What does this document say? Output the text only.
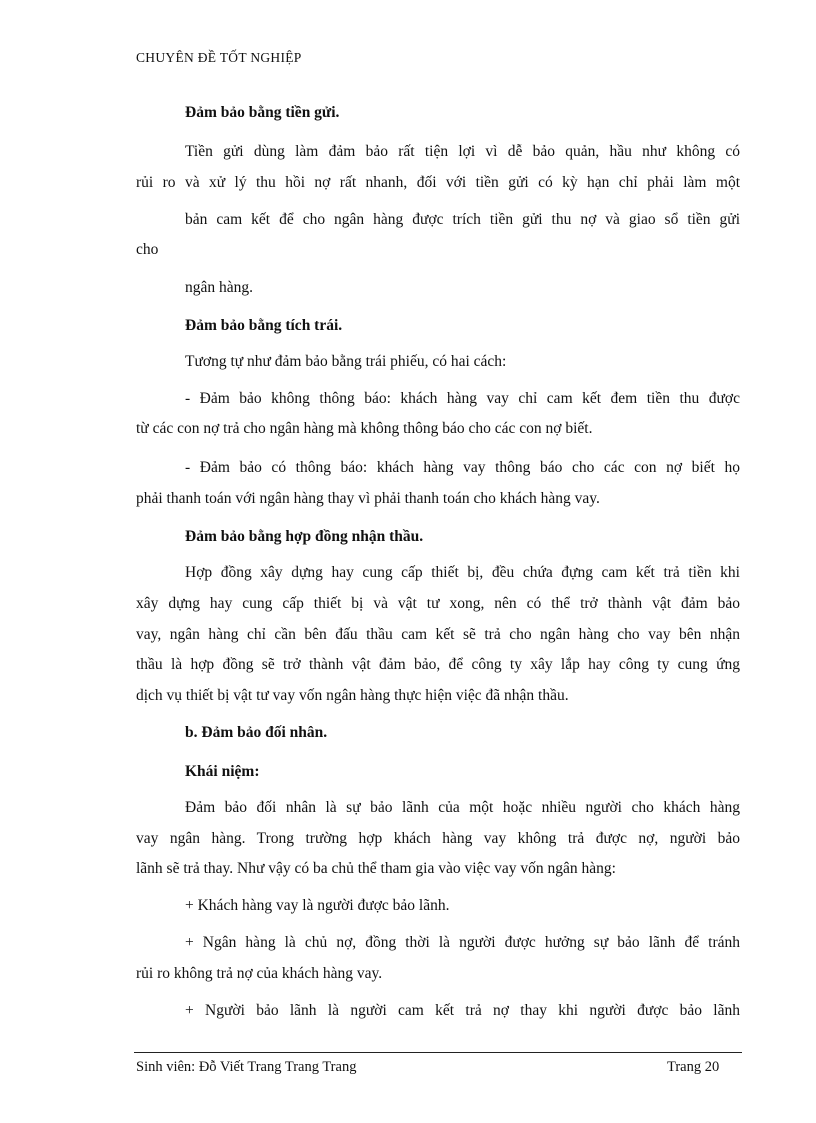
CHUYÊN ĐỀ TỐT NGHIỆP
Đảm bảo bằng tiền gửi.
Tiền gửi dùng làm đảm bảo rất tiện lợi vì dễ bảo quản, hầu như không có
rủi ro và xử lý thu hồi nợ rất nhanh, đối với tiền gửi có kỳ hạn chỉ phải làm một
bản cam kết để cho ngân hàng được trích tiền gửi thu nợ và giao sổ tiền gửi
cho
ngân hàng.
Đảm bảo bằng tích trái.
Tương tự như đảm bảo bằng trái phiếu, có hai cách:
- Đảm bảo không thông báo: khách hàng vay chỉ cam kết đem tiền thu được
từ các con nợ trả cho ngân hàng mà không thông báo cho các con nợ biết.
- Đảm bảo có thông báo: khách hàng vay thông báo cho các con nợ biết họ
phải thanh toán với ngân hàng thay vì phải thanh toán cho khách hàng vay.
Đảm bảo bằng hợp đồng nhận thầu.
Hợp đồng xây dựng hay cung cấp thiết bị, đều chứa đựng cam kết trả tiền khi
xây dựng hay cung cấp thiết bị và vật tư xong, nên có thể trở thành vật đảm bảo
vay, ngân hàng chỉ cần bên đấu thầu cam kết sẽ trả cho ngân hàng cho vay bên nhận
thầu là hợp đồng sẽ trở thành vật đảm bảo, để công ty xây lắp hay công ty cung ứng
dịch vụ thiết bị vật tư vay vốn ngân hàng thực hiện việc đã nhận thầu.
b. Đảm bảo đối nhân.
Khái niệm:
Đảm bảo đối nhân là sự bảo lãnh của một hoặc nhiều người cho khách hàng
vay ngân hàng. Trong trường hợp khách hàng vay không trả được nợ, người bảo
lãnh sẽ trả thay. Như vậy có ba chủ thể tham gia vào việc vay vốn ngân hàng:
+ Khách hàng vay là người được bảo lãnh.
+ Ngân hàng là chủ nợ, đồng thời là người được hưởng sự bảo lãnh để tránh
rủi ro không trả nợ của khách hàng vay.
+ Người bảo lãnh là người cam kết trả nợ thay khi người được bảo lãnh
Sinh viên: Đỗ Viết Trang Trang Trang	Trang 20
